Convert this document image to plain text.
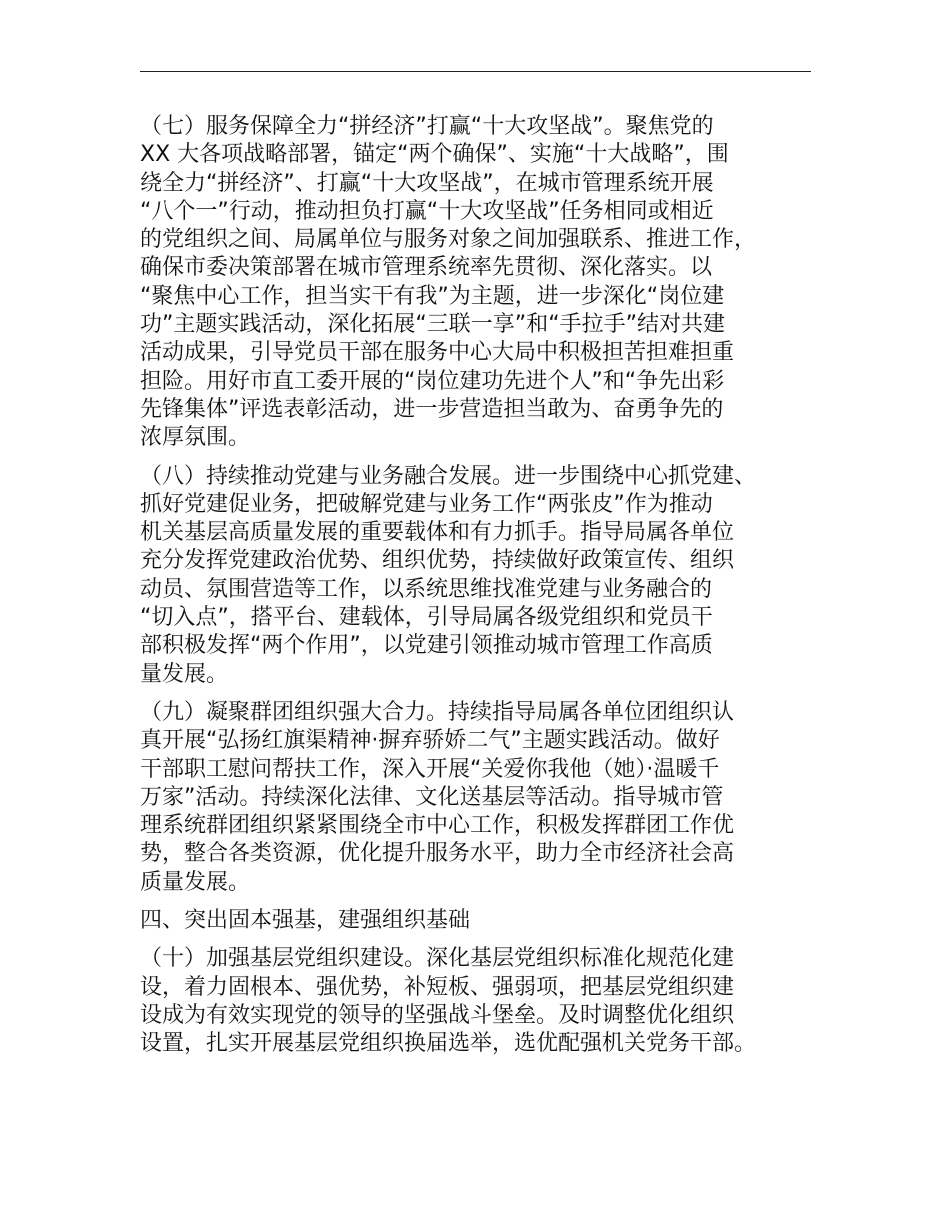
（七）服务保障全力“拼经济”打赢“十大攻坚战”。聚焦党的
XX 大各项战略部署，锚定“两个确保”、实施“十大战略”，围
绕全力“拼经济”、打赢“十大攻坚战”，在城市管理系统开展
“八个一”行动，推动担负打赢“十大攻坚战”任务相同或相近
的党组织之间、局属单位与服务对象之间加强联系、推进工作，
确保市委决策部署在城市管理系统率先贯彻、深化落实。以
“聚焦中心工作，担当实干有我”为主题，进一步深化“岗位建
功”主题实践活动，深化拓展“三联一享”和“手拉手”结对共建
活动成果，引导党员干部在服务中心大局中积极担苦担难担重
担险。用好市直工委开展的“岗位建功先进个人”和“争先出彩
先锋集体”评选表彰活动，进一步营造担当敢为、奋勇争先的
浓厚氛围。
（八）持续推动党建与业务融合发展。进一步围绕中心抓党建、
抓好党建促业务，把破解党建与业务工作“两张皮”作为推动
机关基层高质量发展的重要载体和有力抓手。指导局属各单位
充分发挥党建政治优势、组织优势，持续做好政策宣传、组织
动员、氛围营造等工作，以系统思维找准党建与业务融合的
“切入点”，搭平台、建载体，引导局属各级党组织和党员干
部积极发挥“两个作用”，以党建引领推动城市管理工作高质
量发展。
（九）凝聚群团组织强大合力。持续指导局属各单位团组织认
真开展“弘扬红旗渠精神·摒弃骄娇二气”主题实践活动。做好
干部职工慰问帮扶工作，深入开展“关爱你我他（她）·温暖千
万家”活动。持续深化法律、文化送基层等活动。指导城市管
理系统群团组织紧紧围绕全市中心工作，积极发挥群团工作优
势，整合各类资源，优化提升服务水平，助力全市经济社会高
质量发展。
四、突出固本强基，建强组织基础
（十）加强基层党组织建设。深化基层党组织标准化规范化建
设，着力固根本、强优势，补短板、强弱项，把基层党组织建
设成为有效实现党的领导的坚强战斗堡垒。及时调整优化组织
设置，扎实开展基层党组织换届选举，选优配强机关党务干部。
